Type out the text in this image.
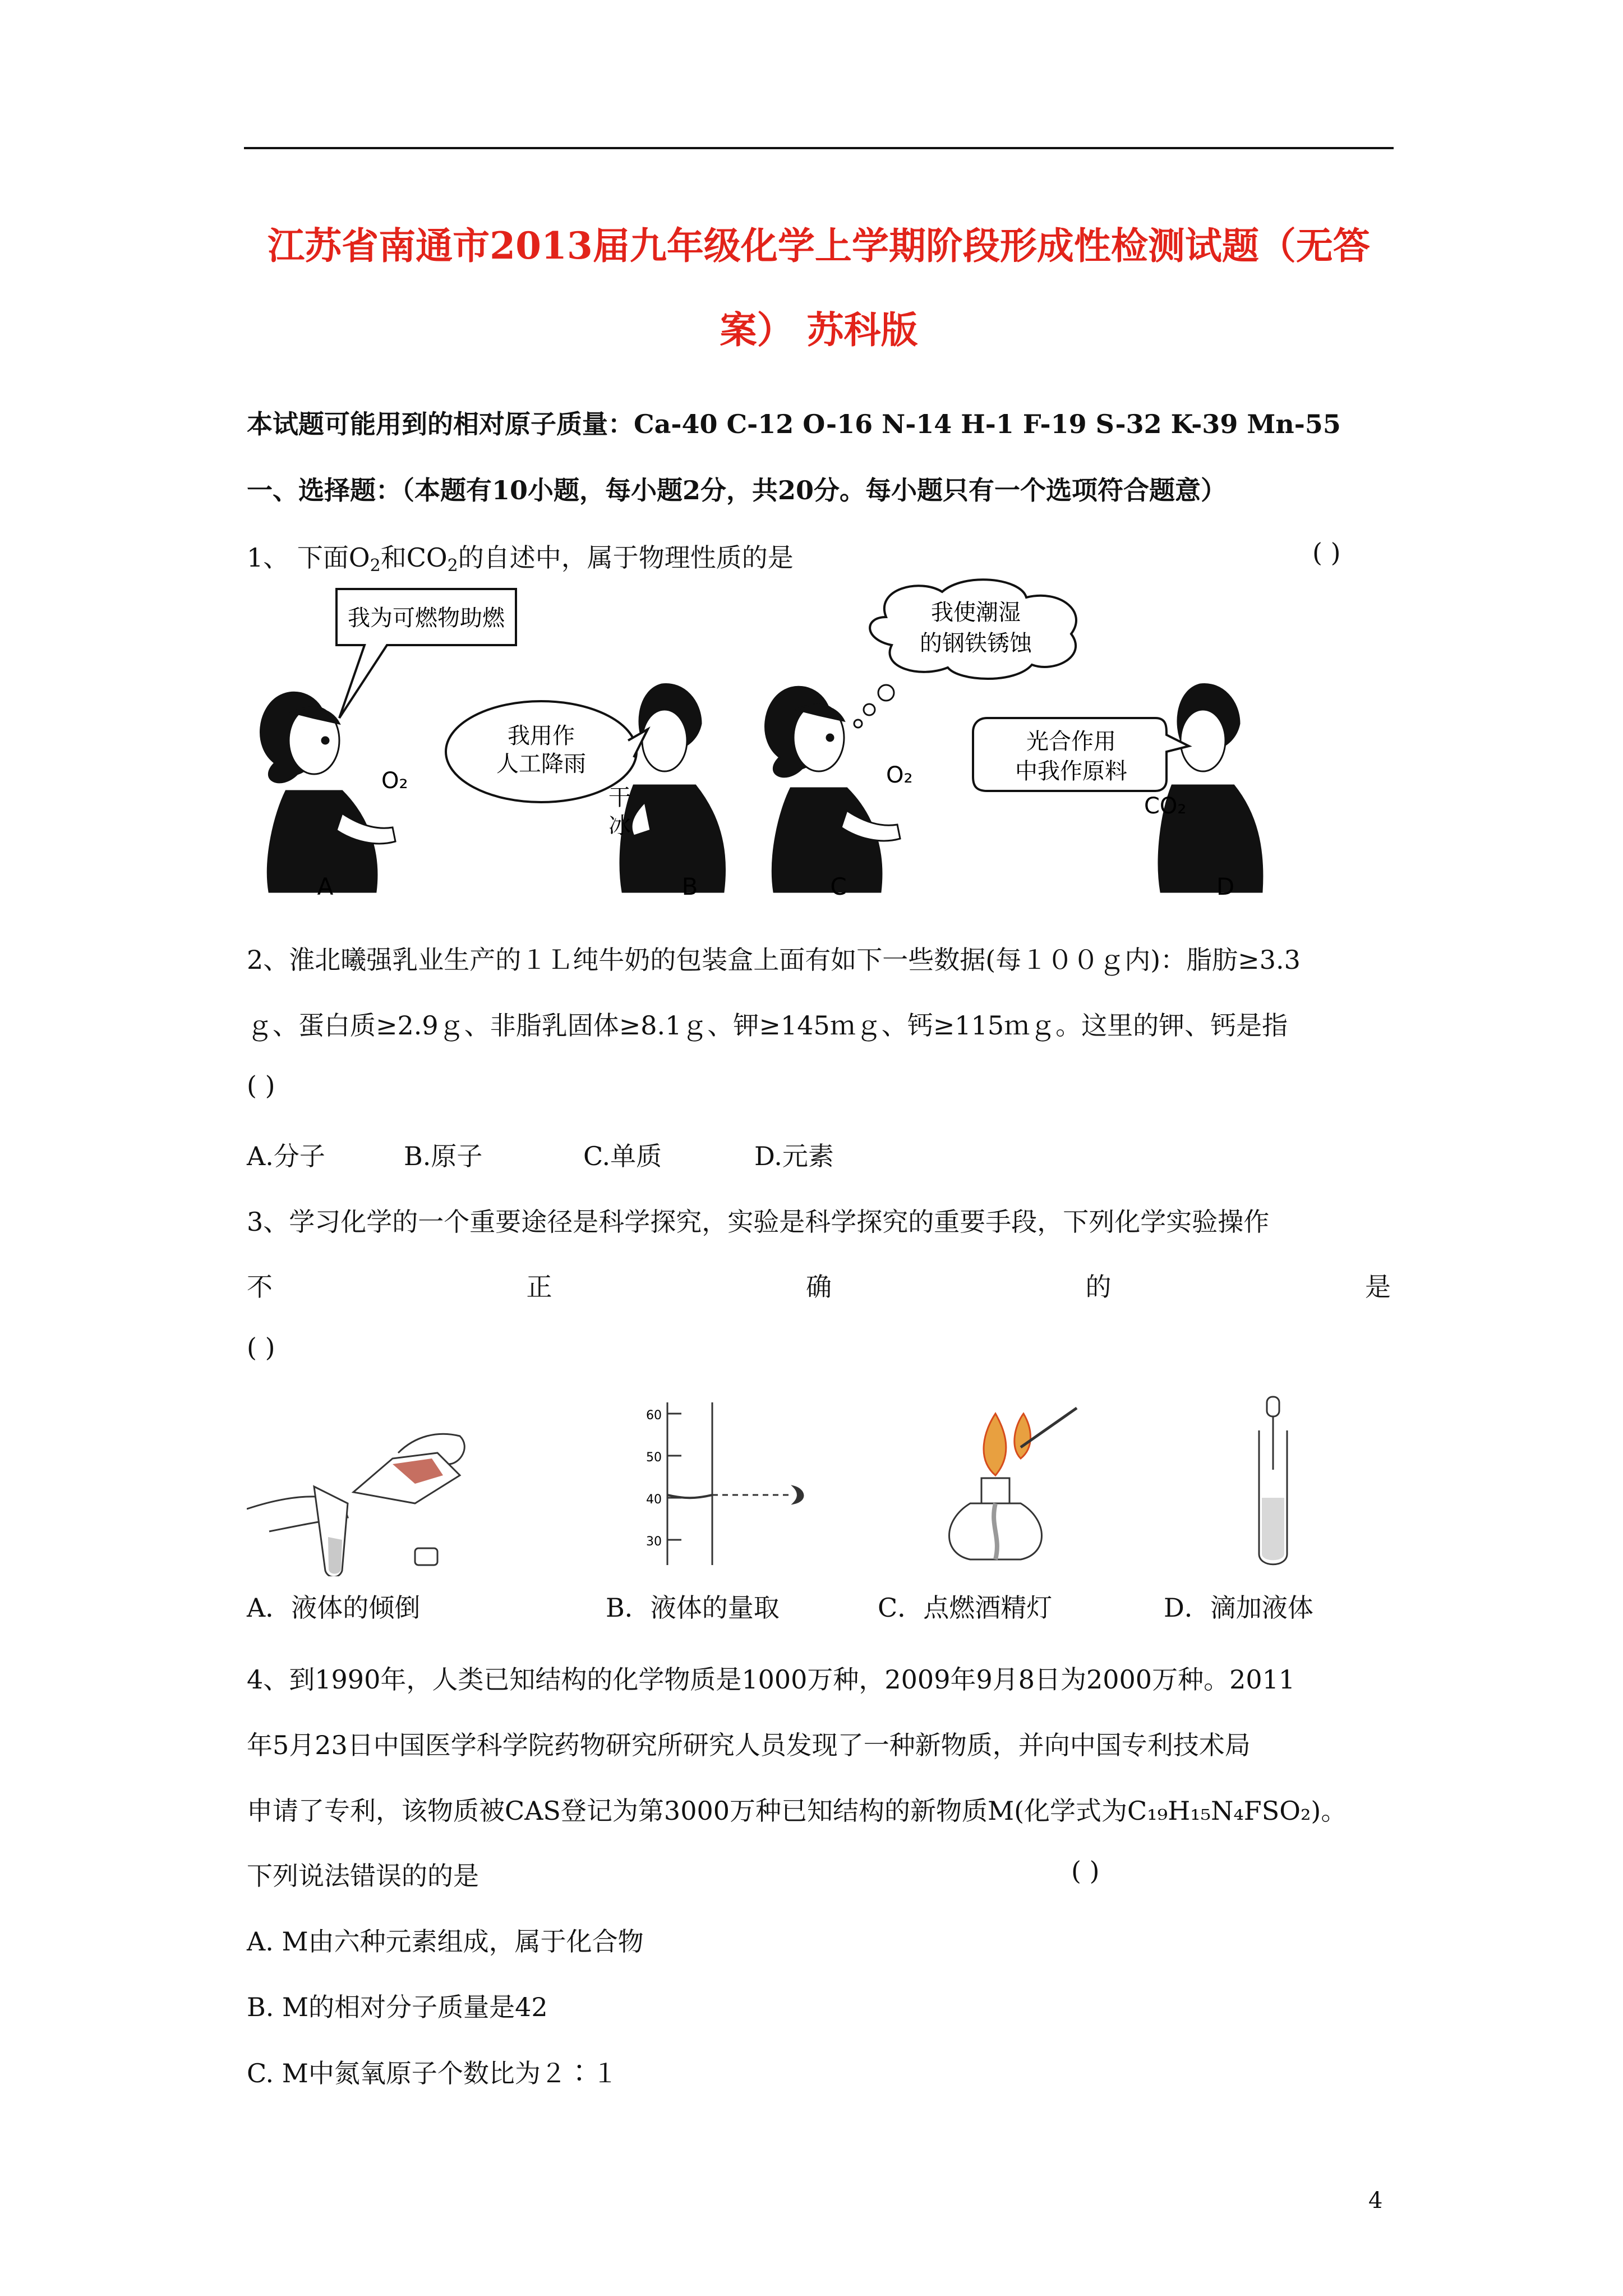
江苏省南通市2013届九年级化学上学期阶段形成性检测试题（无答
案） 苏科版
本试题可能用到的相对原子质量：Ca-40 C-12 O-16 N-14 H-1 F-19 S-32 K-39 Mn-55
一、选择题：（本题有10小题，每小题2分，共20分。每小题只有一个选项符合题意）
1、 下面$O_2$和$CO_2$的自述中，属于物理性质的是	( )
O₂
我为可燃物助燃
我用作
人工降雨
干
冰
O₂
我使潮湿
的钢铁锈蚀
光合作用
中我作原料
CO₂
A	B	C	D
2、淮北曦强乳业生产的１Ｌ纯牛奶的包装盒上面有如下一些数据(每１００ｇ内)：脂肪≥3.3
ｇ、蛋白质≥2.9ｇ、非脂乳固体≥8.1ｇ、钾≥145ｍｇ、钙≥115ｍｇ。这里的钾、钙是指
( )
A.分子	B.原子	C.单质	D.元素
3、学习化学的一个重要途径是科学探究，实验是科学探究的重要手段，下列化学实验操作
不	正	确	的	是
( )
60
50
40
30
A．液体的倾倒	B．液体的量取	C．点燃酒精灯	D．滴加液体
4、到1990年，人类已知结构的化学物质是1000万种，2009年9月8日为2000万种。2011
年5月23日中国医学科学院药物研究所研究人员发现了一种新物质，并向中国专利技术局
申请了专利，该物质被CAS登记为第3000万种已知结构的新物质M(化学式为C₁₉H₁₅N₄FSO₂)。
下列说法错误的的是	( )
A. M由六种元素组成，属于化合物
B. M的相对分子质量是42
C. M中氮氧原子个数比为２∶１
4
